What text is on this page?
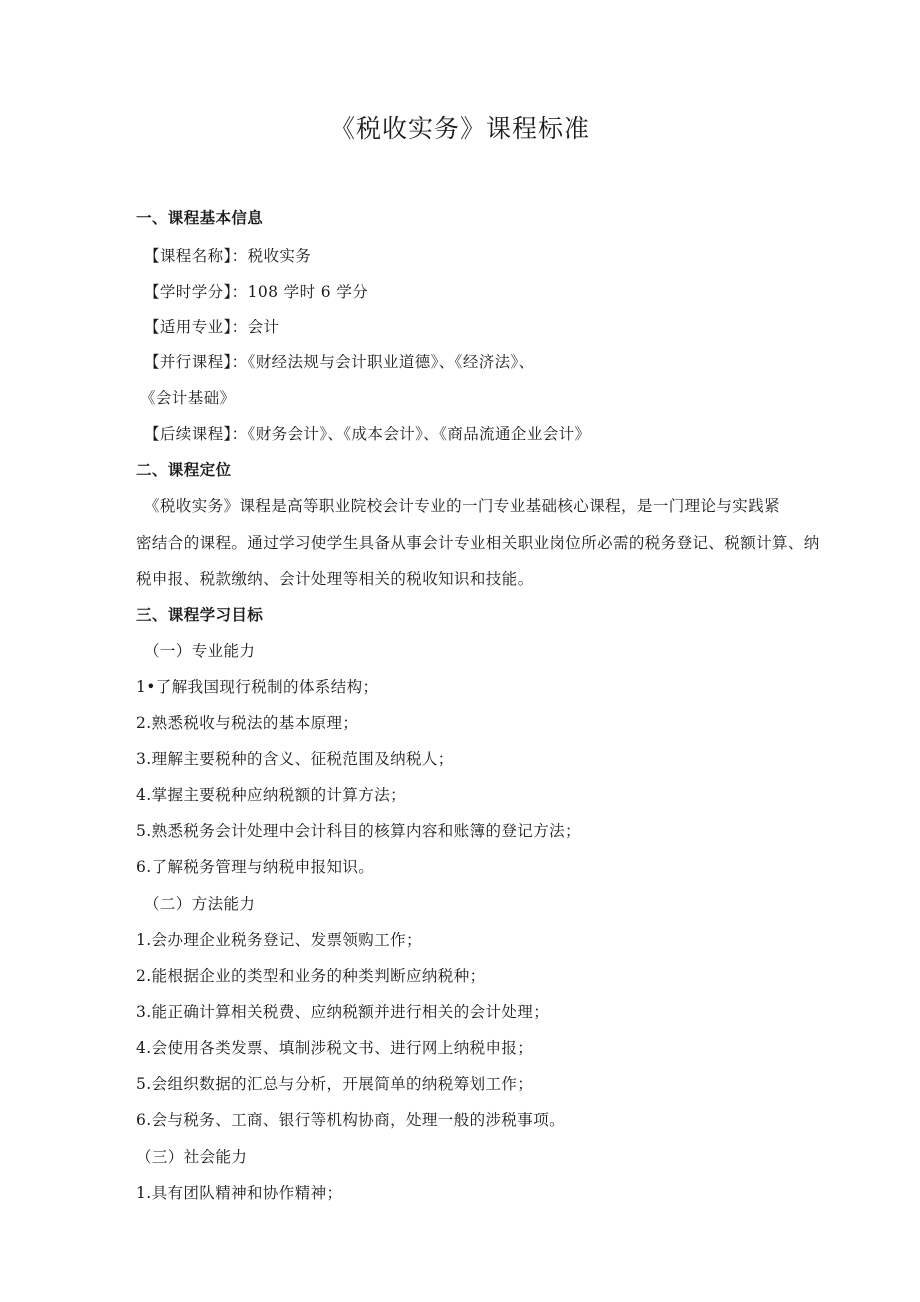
《税收实务》课程标准
一、课程基本信息
【课程名称】：税收实务
【学时学分】：108 学时 6 学分
【适用专业】：会计
【并行课程】：《财经法规与会计职业道德》、《经济法》、
《会计基础》
【后续课程】：《财务会计》、《成本会计》、《商品流通企业会计》
二、课程定位
《税收实务》课程是高等职业院校会计专业的一门专业基础核心课程，是一门理论与实践紧
密结合的课程。通过学习使学生具备从事会计专业相关职业岗位所必需的税务登记、税额计算、纳
税申报、税款缴纳、会计处理等相关的税收知识和技能。
三、课程学习目标
（一）专业能力
1•了解我国现行税制的体系结构；
2.熟悉税收与税法的基本原理；
3.理解主要税种的含义、征税范围及纳税人；
4.掌握主要税种应纳税额的计算方法；
5.熟悉税务会计处理中会计科目的核算内容和账簿的登记方法；
6.了解税务管理与纳税申报知识。
（二）方法能力
1.会办理企业税务登记、发票领购工作；
2.能根据企业的类型和业务的种类判断应纳税种；
3.能正确计算相关税费、应纳税额并进行相关的会计处理；
4.会使用各类发票、填制涉税文书、进行网上纳税申报；
5.会组织数据的汇总与分析，开展简单的纳税筹划工作；
6.会与税务、工商、银行等机构协商，处理一般的涉税事项。
（三）社会能力
1.具有团队精神和协作精神；
